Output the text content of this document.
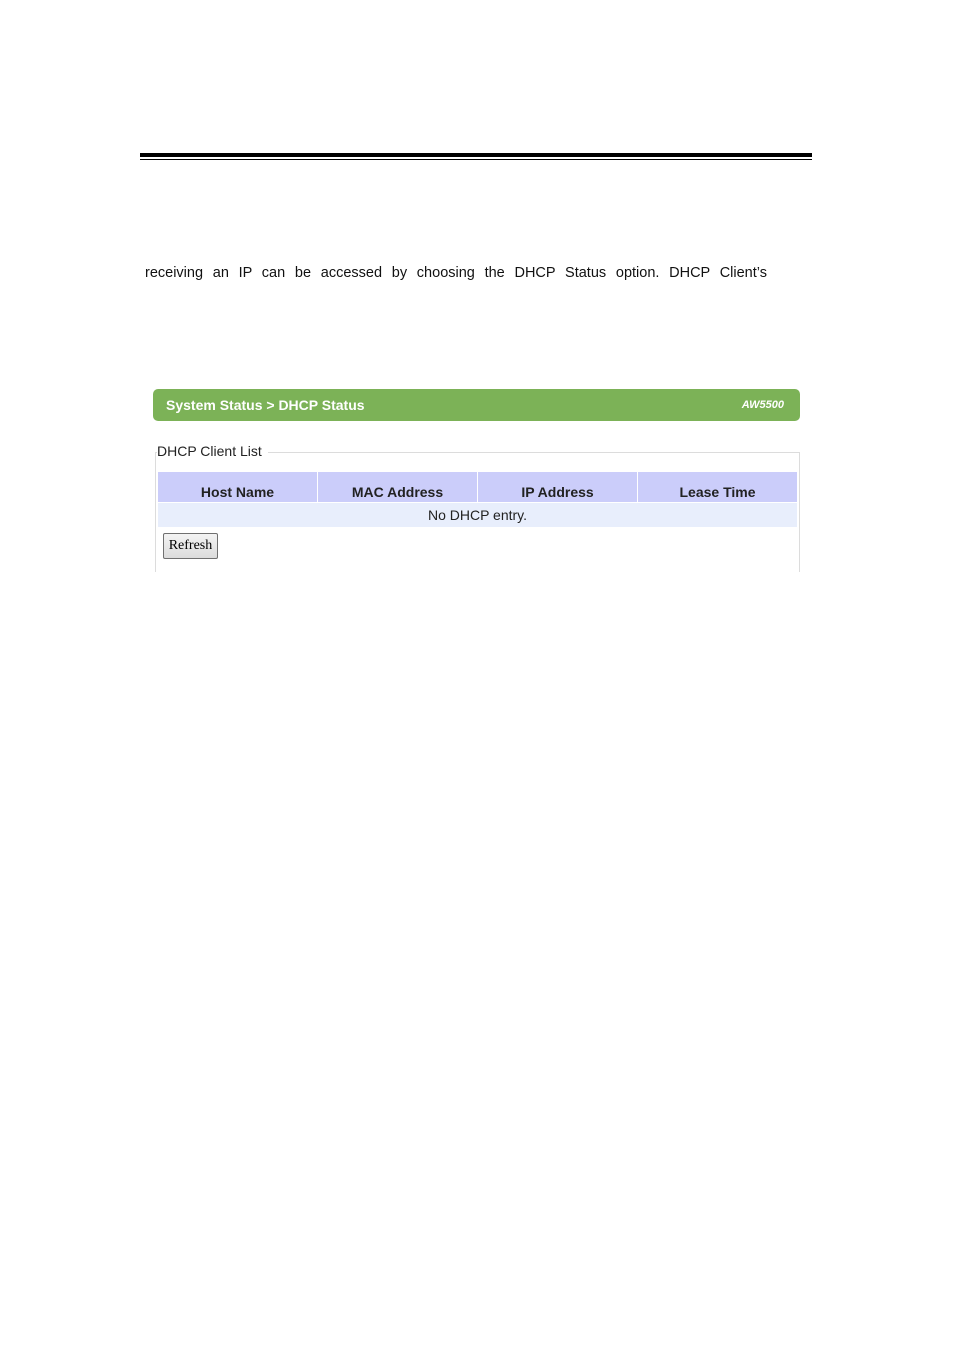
receiving an IP can be accessed by choosing the DHCP Status option. DHCP Client’s
System Status > DHCP Status	AW5500
DHCP Client List
Host Name	MAC Address	IP Address	Lease Time
No DHCP entry.
Refresh
